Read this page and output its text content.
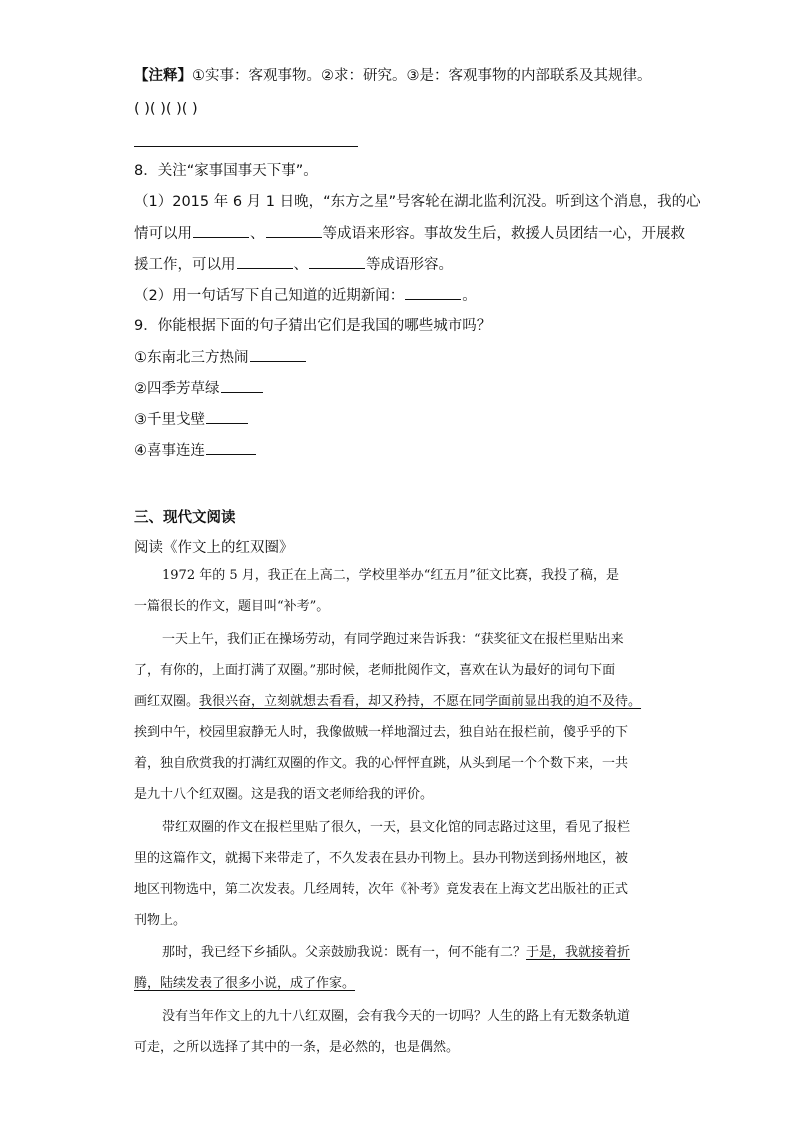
【注释】①实事：客观事物。②求：研究。③是：客观事物的内部联系及其规律。
( )( )( )( )
8．关注“家事国事天下事”。
（1）2015 年 6 月 1 日晚，“东方之星”号客轮在湖北监利沉没。听到这个消息，我的心
情可以用	、	等成语来形容。事故发生后，救援人员团结一心，开展救
援工作，可以用	、	等成语形容。
（2）用一句话写下自己知道的近期新闻：	。
9．你能根据下面的句子猜出它们是我国的哪些城市吗？
①东南北三方热闹
②四季芳草绿
③千里戈壁
④喜事连连
三、现代文阅读
阅读《作文上的红双圈》
1972 年的 5 月，我正在上高二，学校里举办“红五月”征文比赛，我投了稿，是
一篇很长的作文，题目叫“补考”。
一天上午，我们正在操场劳动，有同学跑过来告诉我：“获奖征文在报栏里贴出来
了，有你的，上面打满了双圈。”那时候，老师批阅作文，喜欢在认为最好的词句下面
画红双圈。我很兴奋，立刻就想去看看，却又矜持，不愿在同学面前显出我的迫不及待。
挨到中午，校园里寂静无人时，我像做贼一样地溜过去，独自站在报栏前，傻乎乎的下
着，独自欣赏我的打满红双圈的作文。我的心怦怦直跳，从头到尾一个个数下来，一共
是九十八个红双圈。这是我的语文老师给我的评价。
带红双圈的作文在报栏里贴了很久，一天，县文化馆的同志路过这里，看见了报栏
里的这篇作文，就揭下来带走了，不久发表在县办刊物上。县办刊物送到扬州地区，被
地区刊物选中，第二次发表。几经周转，次年《补考》竟发表在上海文艺出版社的正式
刊物上。
那时，我已经下乡插队。父亲鼓励我说：既有一，何不能有二？于是，我就接着折
腾，陆续发表了很多小说，成了作家。
没有当年作文上的九十八红双圈，会有我今天的一切吗？人生的路上有无数条轨道
可走，之所以选择了其中的一条，是必然的，也是偶然。
